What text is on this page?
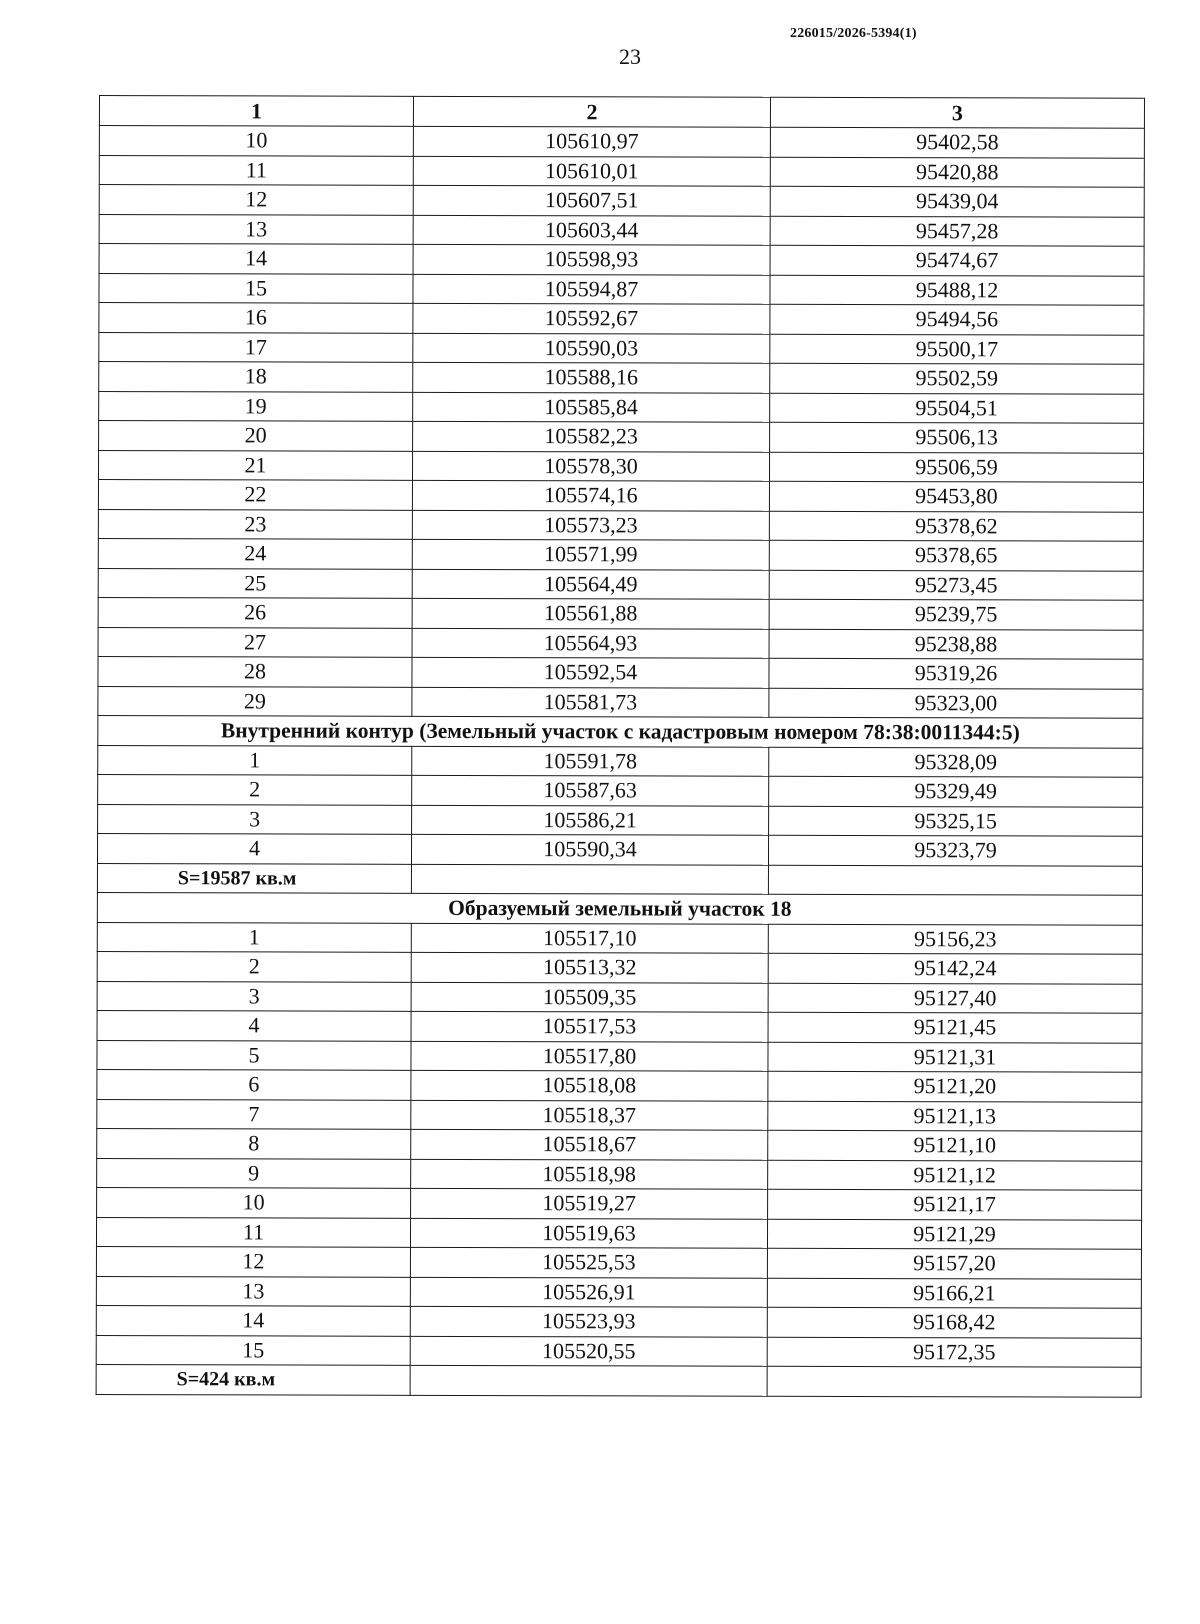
226015/2026-5394(1)
23
1	2	3
10	105610,97	95402,58
11	105610,01	95420,88
12	105607,51	95439,04
13	105603,44	95457,28
14	105598,93	95474,67
15	105594,87	95488,12
16	105592,67	95494,56
17	105590,03	95500,17
18	105588,16	95502,59
19	105585,84	95504,51
20	105582,23	95506,13
21	105578,30	95506,59
22	105574,16	95453,80
23	105573,23	95378,62
24	105571,99	95378,65
25	105564,49	95273,45
26	105561,88	95239,75
27	105564,93	95238,88
28	105592,54	95319,26
29	105581,73	95323,00
Внутренний контур (Земельный участок с кадастровым номером 78:38:0011344:5)		
1	105591,78	95328,09
2	105587,63	95329,49
3	105586,21	95325,15
4	105590,34	95323,79
S=19587 кв.м		
Образуемый земельный участок 18		
1	105517,10	95156,23
2	105513,32	95142,24
3	105509,35	95127,40
4	105517,53	95121,45
5	105517,80	95121,31
6	105518,08	95121,20
7	105518,37	95121,13
8	105518,67	95121,10
9	105518,98	95121,12
10	105519,27	95121,17
11	105519,63	95121,29
12	105525,53	95157,20
13	105526,91	95166,21
14	105523,93	95168,42
15	105520,55	95172,35
S=424 кв.м		
